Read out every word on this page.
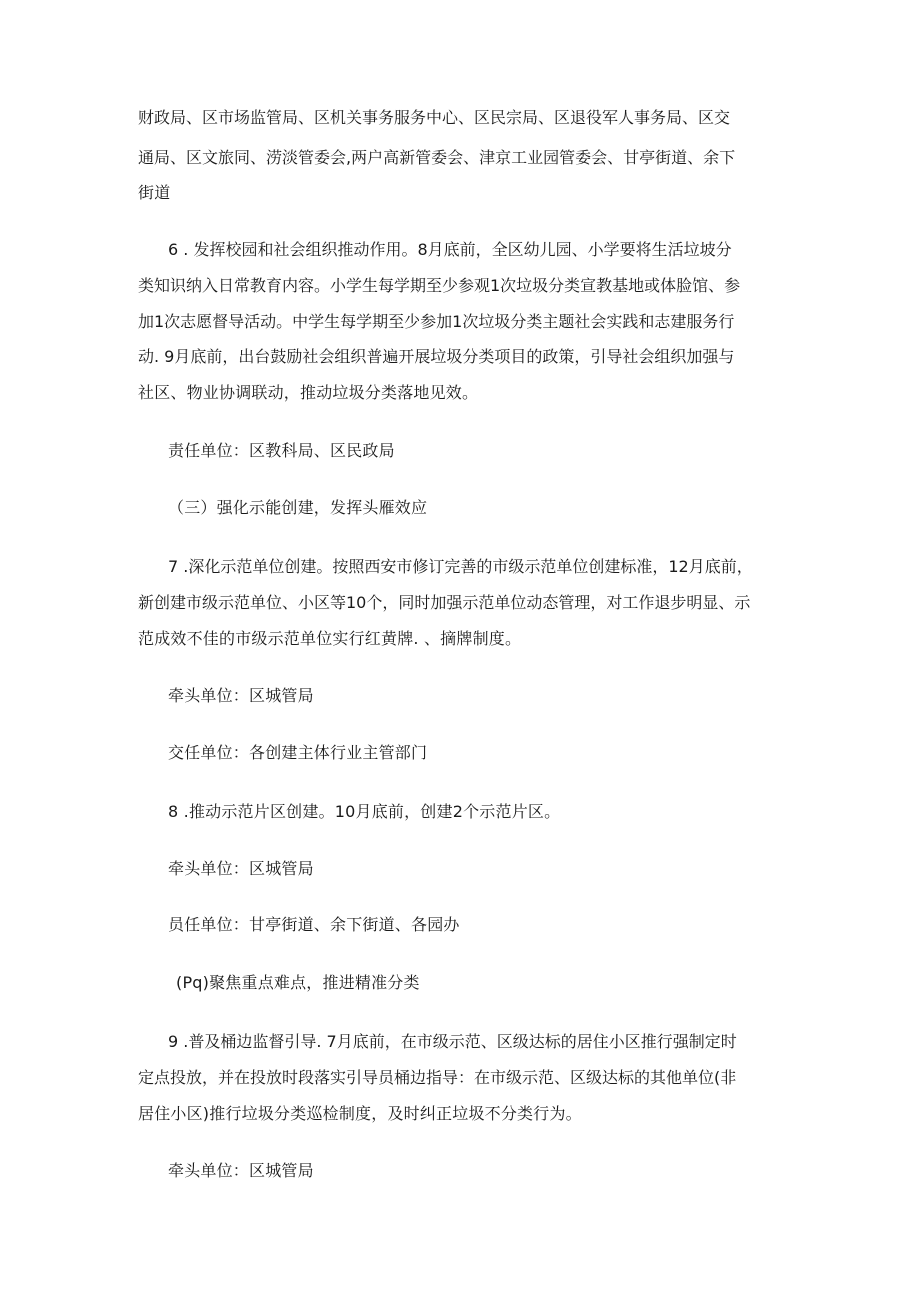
财政局、区市场监管局、区机关事务服务中心、区民宗局、区退役军人事务局、区交
通局、区文旅同、涝淡管委会,两户高新管委会、津京工业园管委会、甘亭街道、余下
街道
6 . 发挥校园和社会组织推动作用。8月底前，全区幼儿园、小学要将生活垃坡分
类知识纳入日常教育内容。小学生每学期至少参观1次垃圾分类宣教基地或体脸馆、参
加1次志愿督导活动。中学生每学期至少参加1次垃圾分类主题社会实践和志建服务行
动. 9月底前，出台鼓励社会组织普遍开展垃圾分类项目的政策，引导社会组织加强与
社区、物业协调联动，推动垃圾分类落地见效。
责任单位：区教科局、区民政局
（三）强化示能创建，发挥头雁效应
7 .深化示范单位创建。按照西安市修订完善的市级示范单位创建标准，12月底前，
新创建市级示范单位、小区等10个，同时加强示范单位动态管理，对工作退步明显、示
范成效不佳的市级示范单位实行红黄牌. 、摘牌制度。
牵头单位：区城管局
交任单位：各创建主体行业主管部门
8 .推动示范片区创建。10月底前，创建2个示范片区。
牵头单位：区城管局
员任单位：甘亭街道、余下街道、各园办
(Pq)聚焦重点难点，推进精准分类
9 .普及桶边监督引导. 7月底前，在市级示范、区级达标的居住小区推行强制定时
定点投放，并在投放时段落实引导员桶边指导：在市级示范、区级达标的其他单位(非
居住小区)推行垃圾分类巡检制度，及时纠正垃圾不分类行为。
牵头单位：区城管局
